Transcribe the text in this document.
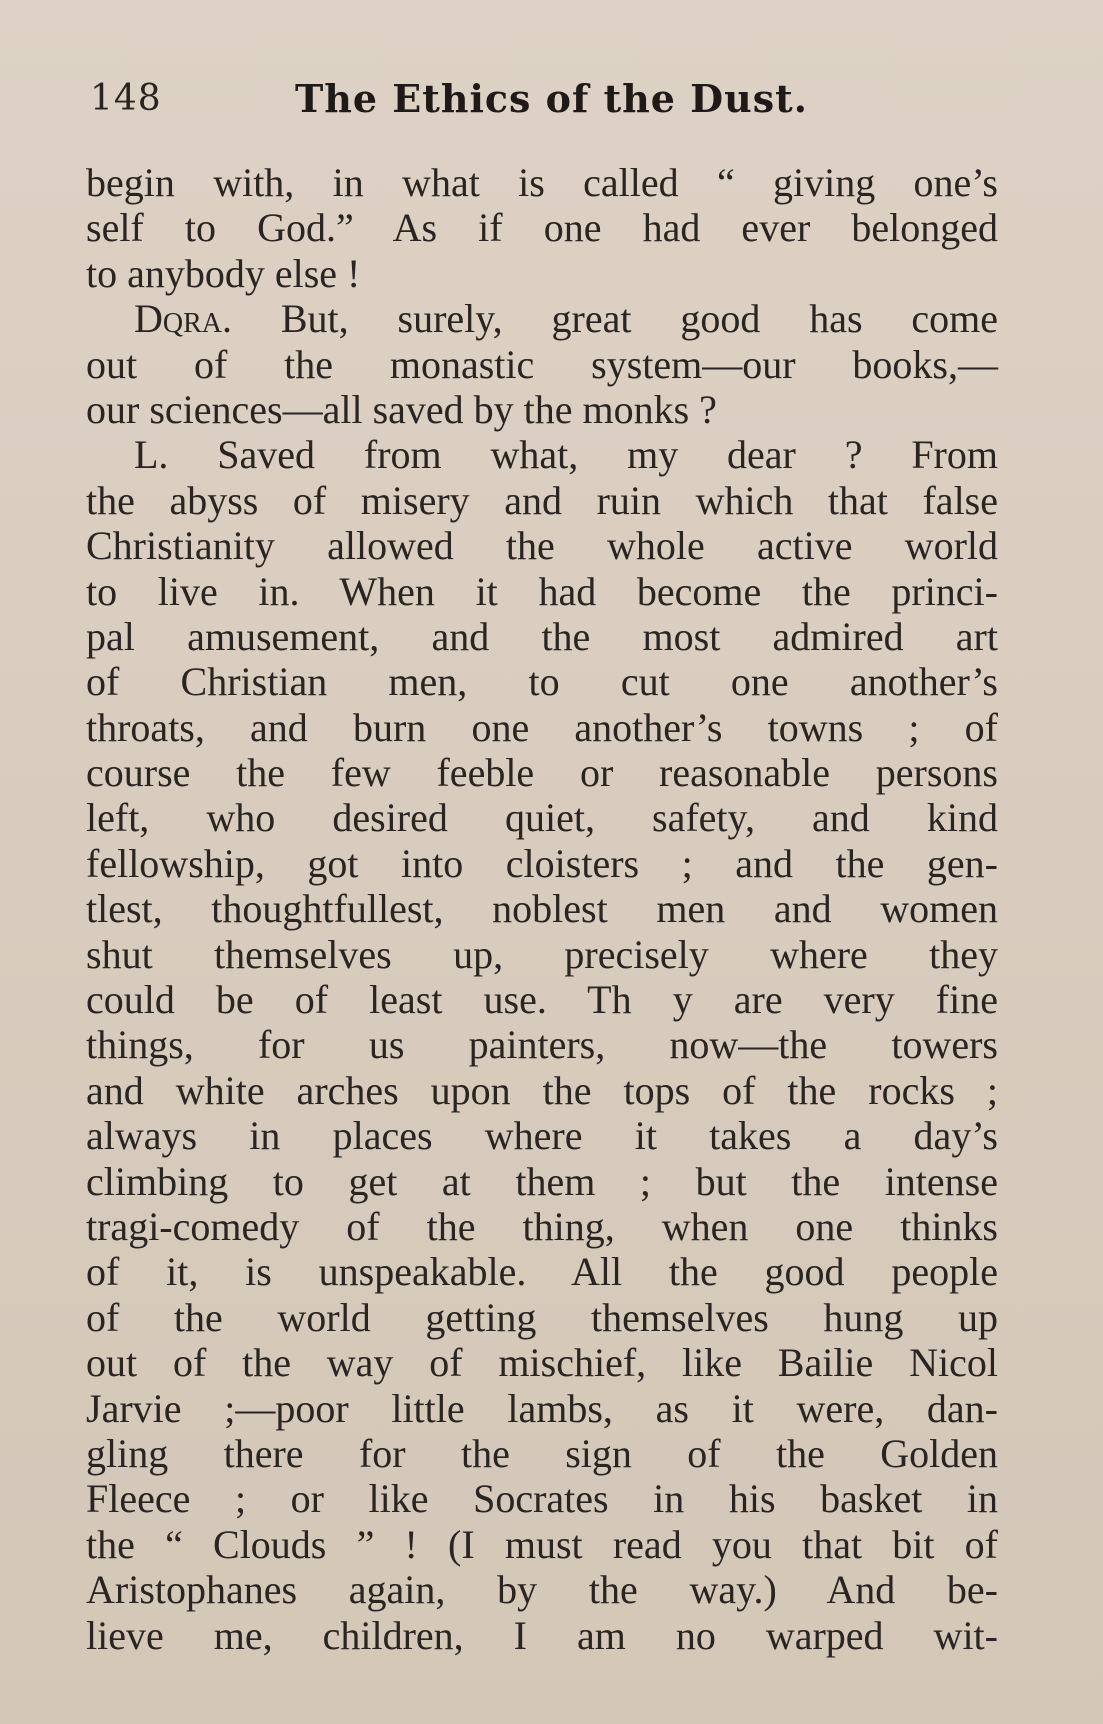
148	The Ethics of the Dust.
begin with, in what is called “ giving one’s
self to God.” As if one had ever belonged
to anybody else !
Dqra. But, surely, great good has come
out of the monastic system—our books,—
our sciences—all saved by the monks ?
L. Saved from what, my dear ? From
the abyss of misery and ruin which that false
Christianity allowed the whole active world
to live in. When it had become the princi-
pal amusement, and the most admired art
of Christian men, to cut one another’s
throats, and burn one another’s towns ; of
course the few feeble or reasonable persons
left, who desired quiet, safety, and kind
fellowship, got into cloisters ; and the gen-
tlest, thoughtfullest, noblest men and women
shut themselves up, precisely where they
could be of least use. Th y are very fine
things, for us painters, now—the towers
and white arches upon the tops of the rocks ;
always in places where it takes a day’s
climbing to get at them ; but the intense
tragi-comedy of the thing, when one thinks
of it, is unspeakable. All the good people
of the world getting themselves hung up
out of the way of mischief, like Bailie Nicol
Jarvie ;—poor little lambs, as it were, dan-
gling there for the sign of the Golden
Fleece ; or like Socrates in his basket in
the “ Clouds ” ! (I must read you that bit of
Aristophanes again, by the way.) And be-
lieve me, children, I am no warped wit-
